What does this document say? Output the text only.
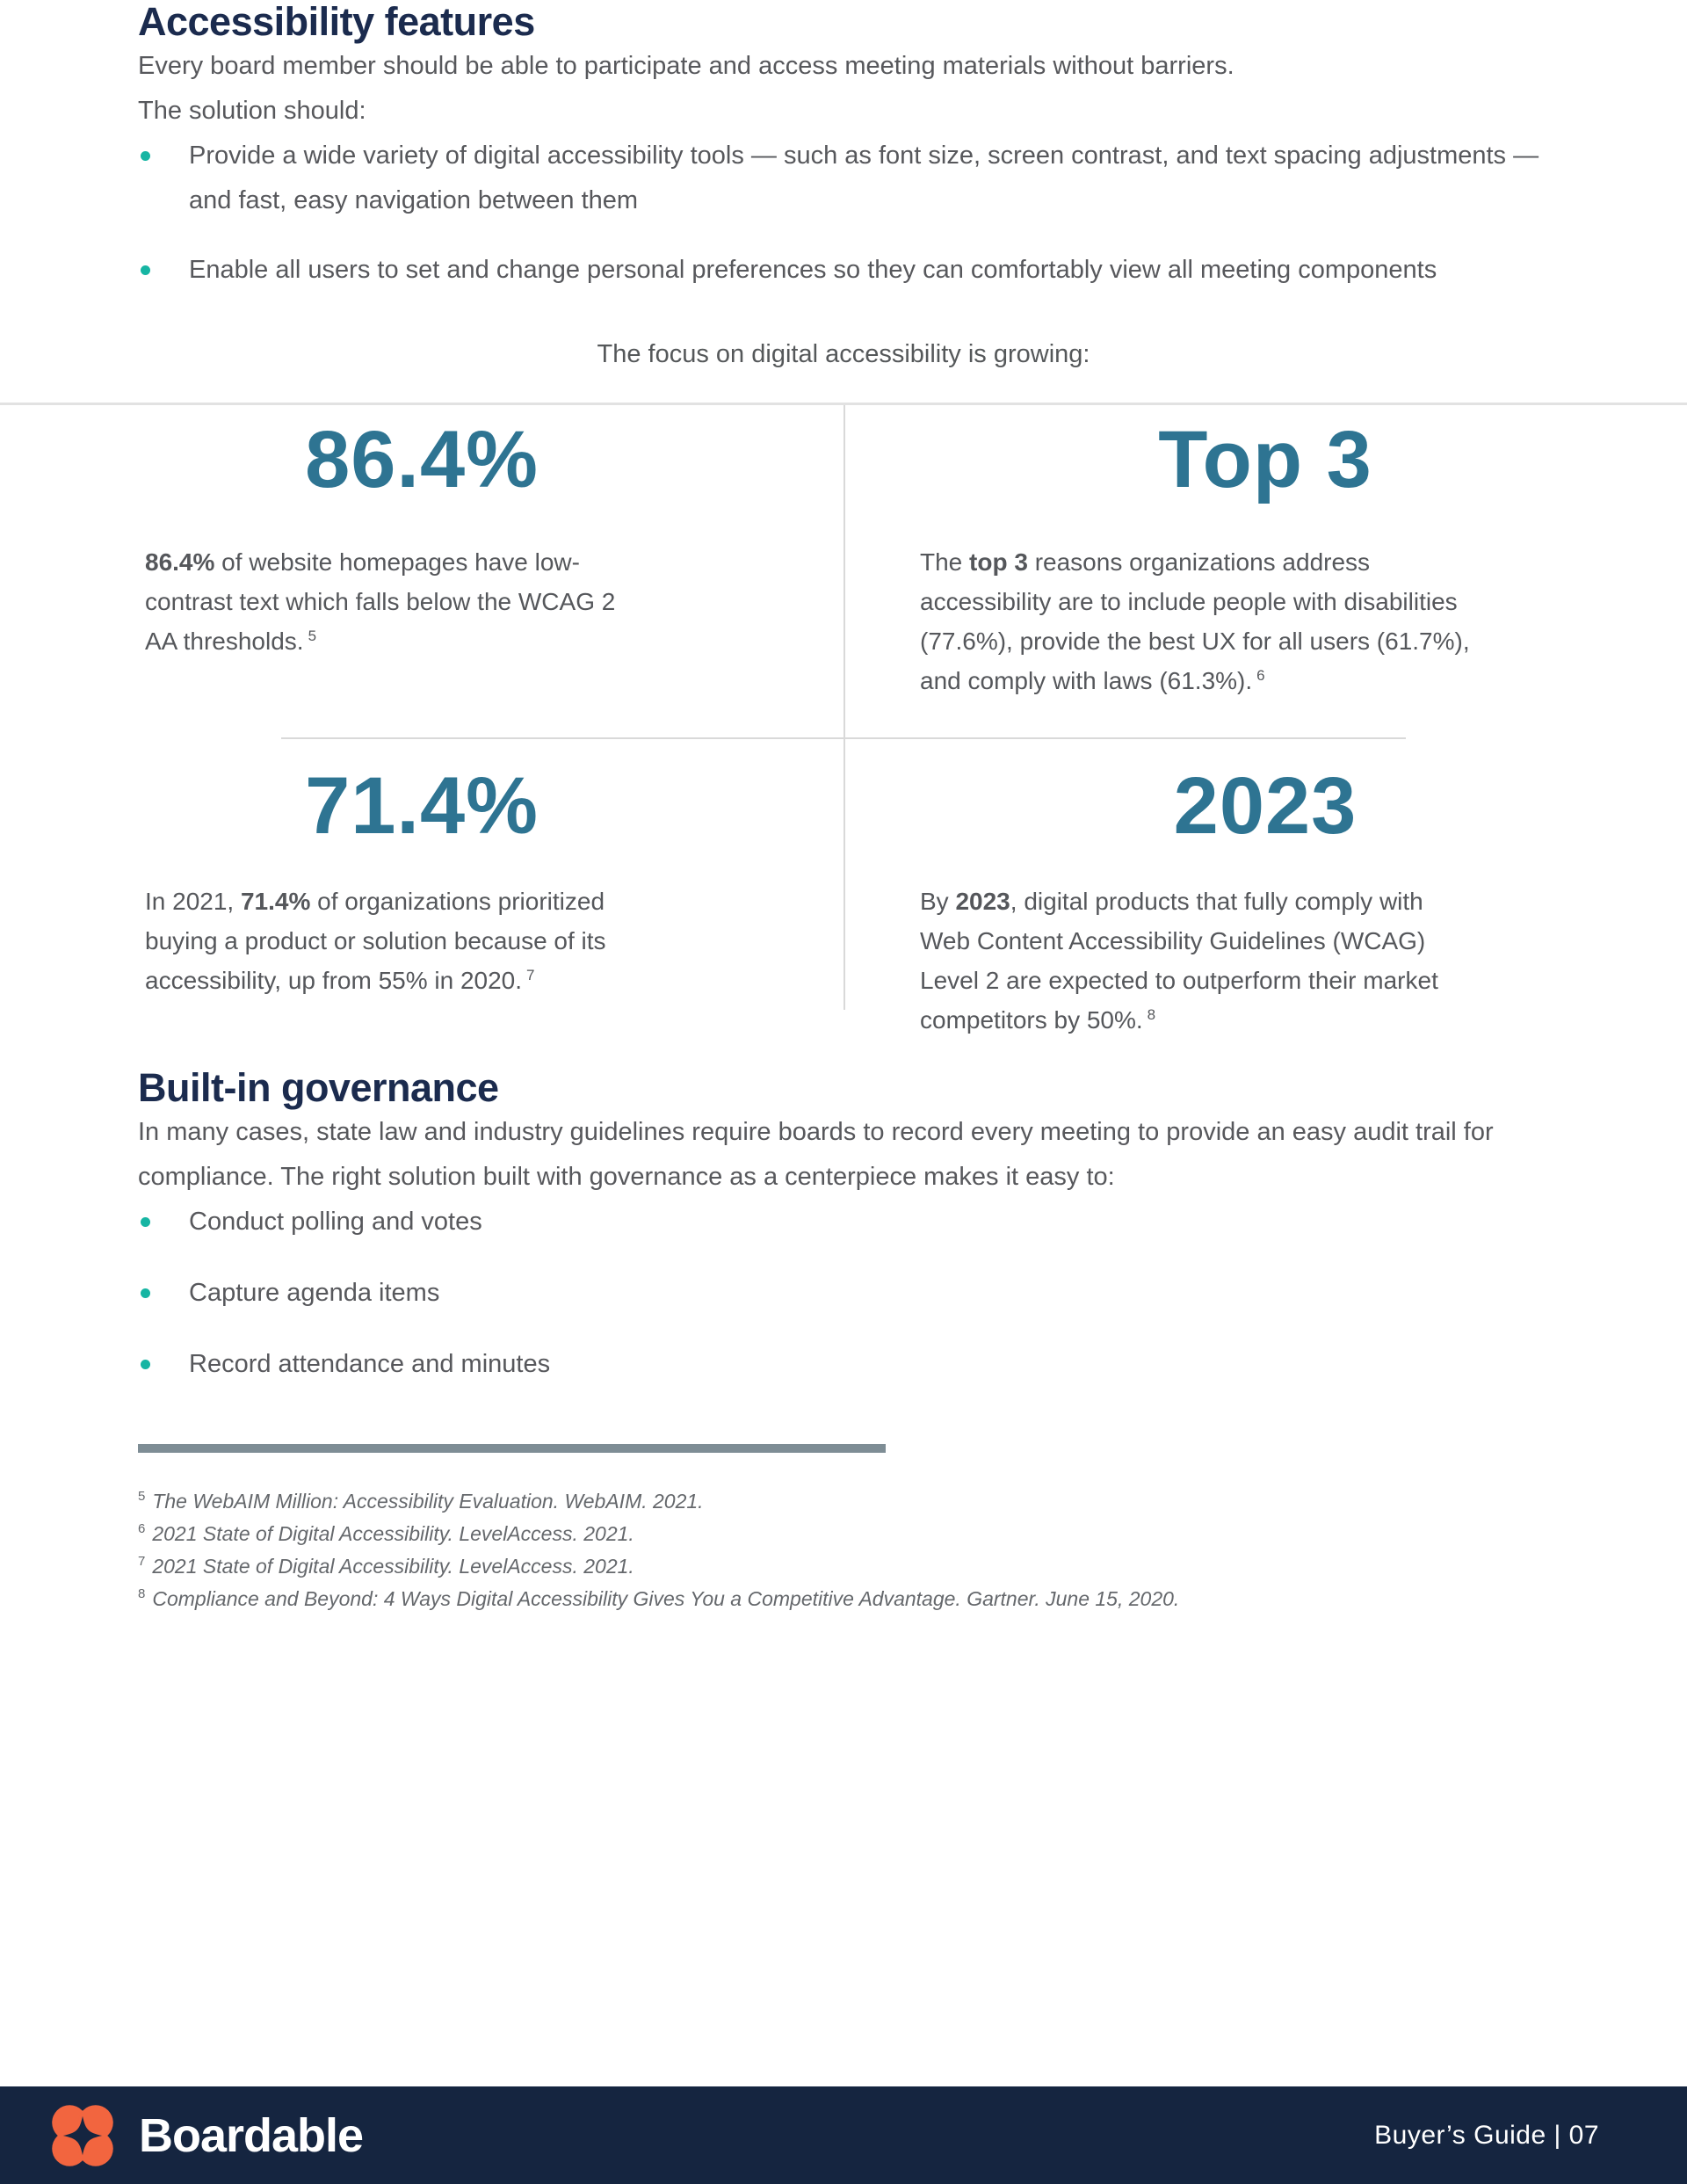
Accessibility features

Every board member should be able to participate and access meeting materials without barriers.
The solution should:

Provide a wide variety of digital accessibility tools — such as font size, screen contrast, and text spacing adjustments — and fast, easy navigation between them
Enable all users to set and change personal preferences so they can comfortably view all meeting components

The focus on digital accessibility is growing:

86.4%

86.4% of website homepages have low-contrast text which falls below the WCAG 2 AA thresholds. $^5$

Top 3

The top 3 reasons organizations address accessibility are to include people with disabilities (77.6%), provide the best UX for all users (61.7%), and comply with laws (61.3%). $^6$

71.4%

In 2021, 71.4% of organizations prioritized buying a product or solution because of its accessibility, up from 55% in 2020. $^7$

2023

By 2023, digital products that fully comply with Web Content Accessibility Guidelines (WCAG) Level 2 are expected to outperform their market competitors by 50%. $^8$

Built-in governance

In many cases, state law and industry guidelines require boards to record every meeting to provide an easy audit trail for compliance. The right solution built with governance as a centerpiece makes it easy to:

Conduct polling and votes
Capture agenda items
Record attendance and minutes

$^5$ The WebAIM Million: Accessibility Evaluation. WebAIM. 2021.

$^6$ 2021 State of Digital Accessibility. LevelAccess. 2021.

$^7$ 2021 State of Digital Accessibility. LevelAccess. 2021.

$^8$ Compliance and Beyond: 4 Ways Digital Accessibility Gives You a Competitive Advantage. Gartner. June 15, 2020.

Boardable	Buyer’s Guide | 07
